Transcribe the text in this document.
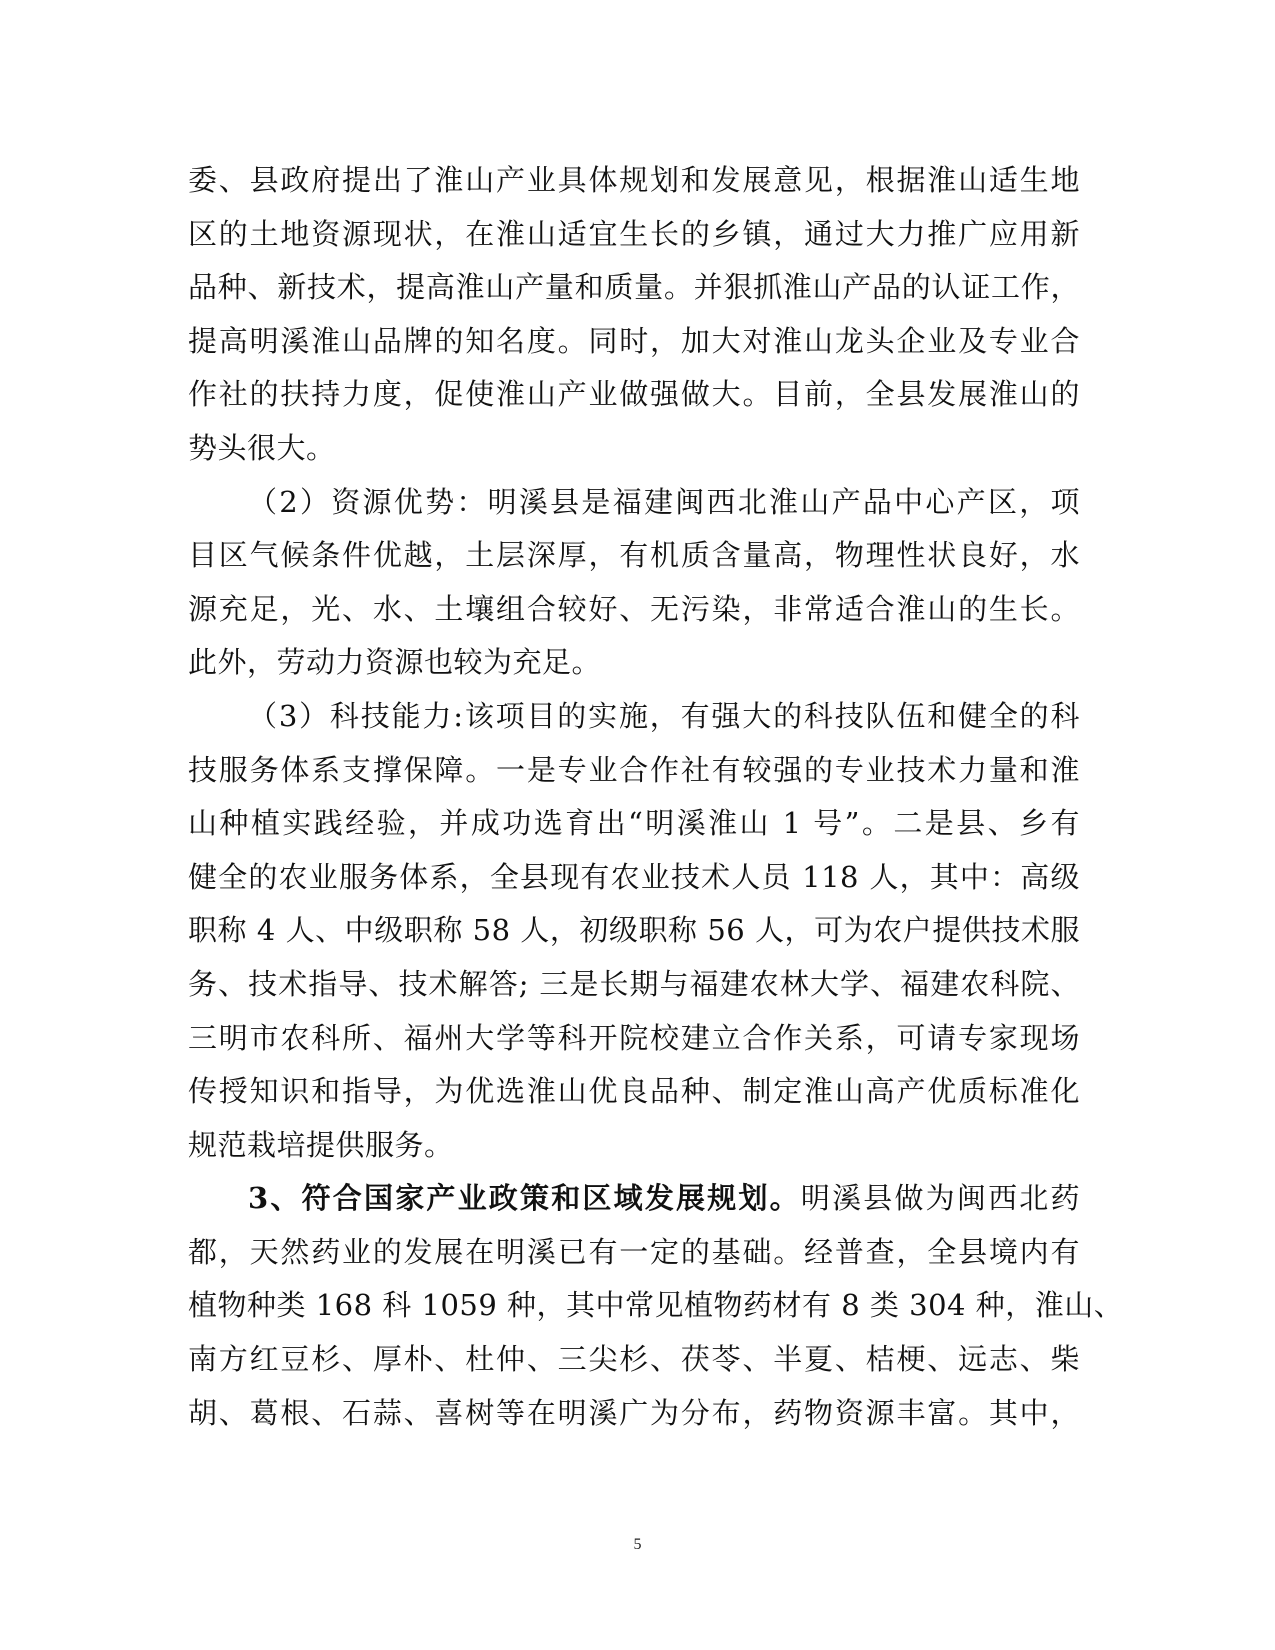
委、县政府提出了淮山产业具体规划和发展意见，根据淮山适生地
区的土地资源现状，在淮山适宜生长的乡镇，通过大力推广应用新
品种、新技术，提高淮山产量和质量。并狠抓淮山产品的认证工作，
提高明溪淮山品牌的知名度。同时，加大对淮山龙头企业及专业合
作社的扶持力度，促使淮山产业做强做大。目前，全县发展淮山的
势头很大。
（2）资源优势：明溪县是福建闽西北淮山产品中心产区，项
目区气候条件优越，土层深厚，有机质含量高，物理性状良好，水
源充足，光、水、土壤组合较好、无污染，非常适合淮山的生长。
此外，劳动力资源也较为充足。
（3）科技能力:该项目的实施，有强大的科技队伍和健全的科
技服务体系支撑保障。一是专业合作社有较强的专业技术力量和淮
山种植实践经验，并成功选育出“明溪淮山 1 号”。二是县、乡有
健全的农业服务体系，全县现有农业技术人员 118 人，其中：高级
职称 4 人、中级职称 58 人，初级职称 56 人，可为农户提供技术服
务、技术指导、技术解答; 三是长期与福建农林大学、福建农科院、
三明市农科所、福州大学等科开院校建立合作关系，可请专家现场
传授知识和指导，为优选淮山优良品种、制定淮山高产优质标准化
规范栽培提供服务。
3、符合国家产业政策和区域发展规划。明溪县做为闽西北药
都，天然药业的发展在明溪已有一定的基础。经普查，全县境内有
植物种类 168 科 1059 种，其中常见植物药材有 8 类 304 种，淮山、
南方红豆杉、厚朴、杜仲、三尖杉、茯苓、半夏、桔梗、远志、柴
胡、葛根、石蒜、喜树等在明溪广为分布，药物资源丰富。其中，
5
